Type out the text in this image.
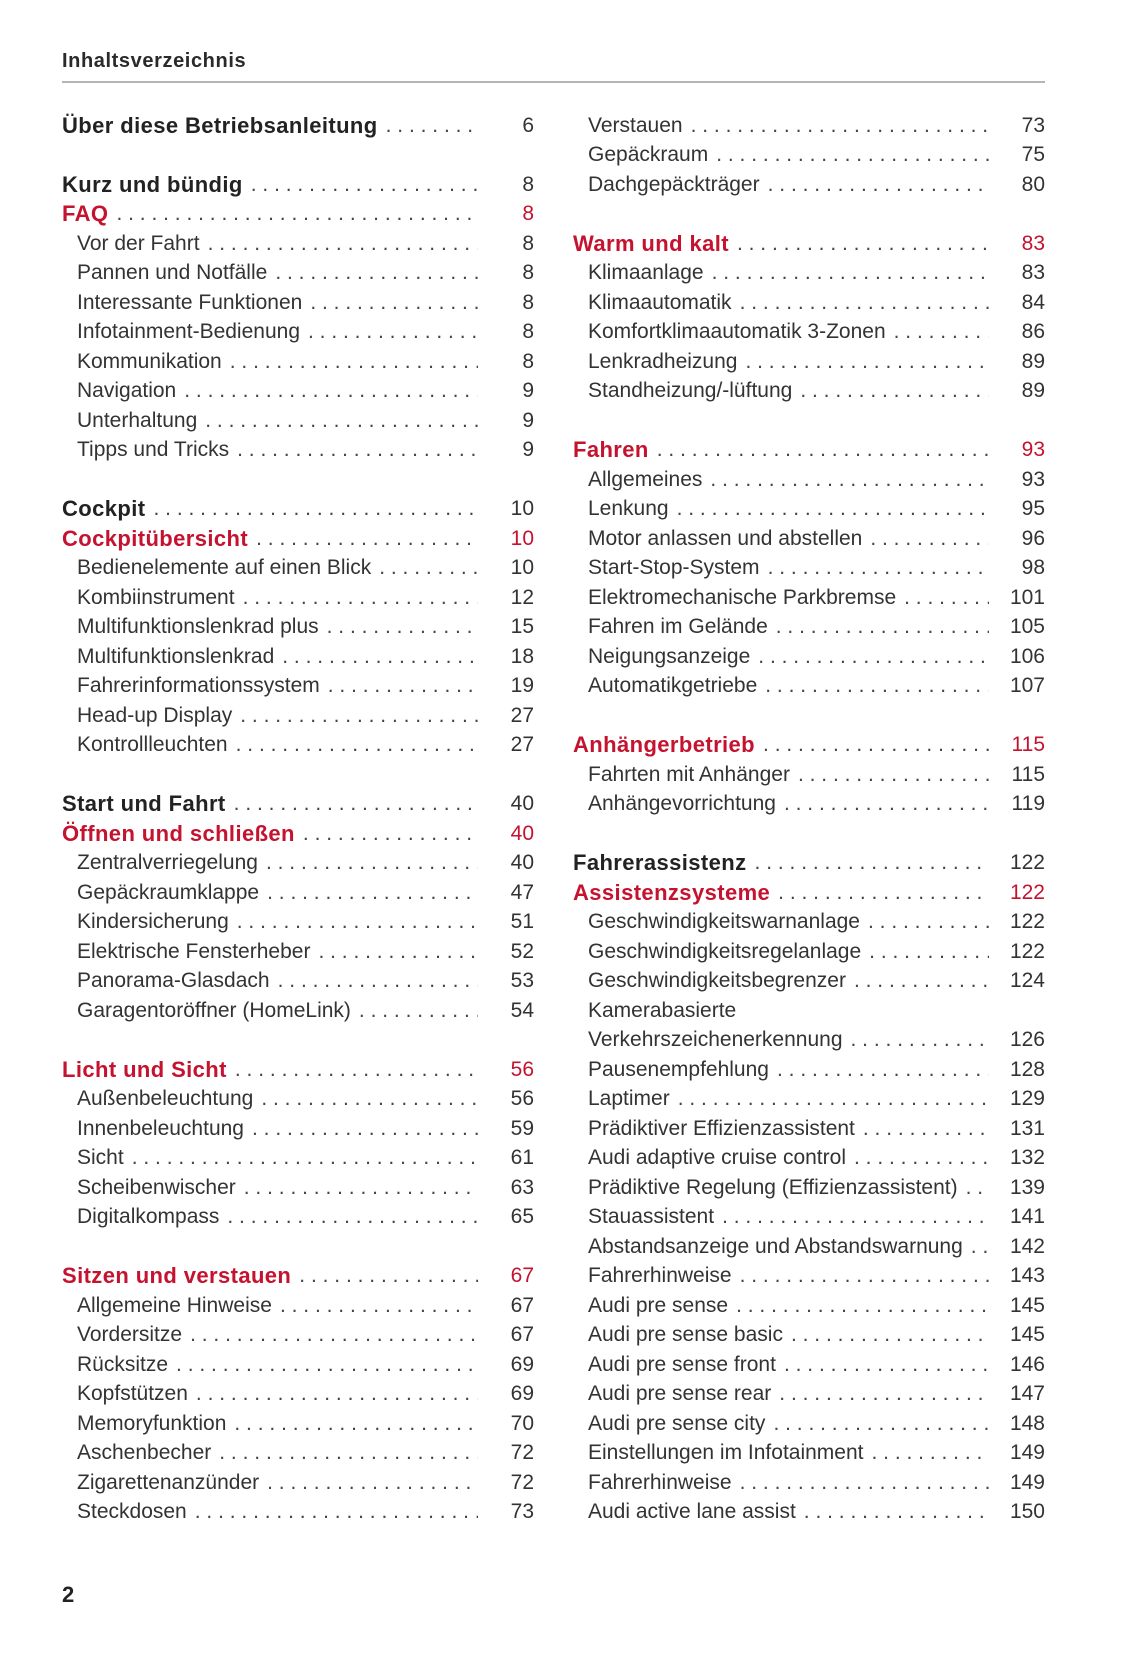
Inhaltsverzeichnis
Über diese Betriebsanleitung . . .	6
Kurz und bündig . . .	8
FAQ . . .	8
Vor der Fahrt . . .	8
Pannen und Notfälle . . .	8
Interessante Funktionen . . .	8
Infotainment-Bedienung . . .	8
Kommunikation . . .	8
Navigation . . .	9
Unterhaltung . . .	9
Tipps und Tricks . . .	9
Cockpit . . .	10
Cockpitübersicht . . .	10
Bedienelemente auf einen Blick . . .	10
Kombiinstrument . . .	12
Multifunktionslenkrad plus . . .	15
Multifunktionslenkrad . . .	18
Fahrerinformationssystem . . .	19
Head-up Display . . .	27
Kontrollleuchten . . .	27
Start und Fahrt . . .	40
Öffnen und schließen . . .	40
Zentralverriegelung . . .	40
Gepäckraumklappe . . .	47
Kindersicherung . . .	51
Elektrische Fensterheber . . .	52
Panorama-Glasdach . . .	53
Garagentoröffner (HomeLink) . . .	54
Licht und Sicht . . .	56
Außenbeleuchtung . . .	56
Innenbeleuchtung . . .	59
Sicht . . .	61
Scheibenwischer . . .	63
Digitalkompass . . .	65
Sitzen und verstauen . . .	67
Allgemeine Hinweise . . .	67
Vordersitze . . .	67
Rücksitze . . .	69
Kopfstützen . . .	69
Memoryfunktion . . .	70
Aschenbecher . . .	72
Zigarettenanzünder . . .	72
Steckdosen . . .	73
Verstauen . . .	73
Gepäckraum . . .	75
Dachgepäckträger . . .	80
Warm und kalt . . .	83
Klimaanlage . . .	83
Klimaautomatik . . .	84
Komfortklimaautomatik 3-Zonen . . .	86
Lenkradheizung . . .	89
Standheizung/-lüftung . . .	89
Fahren . . .	93
Allgemeines . . .	93
Lenkung . . .	95
Motor anlassen und abstellen . . .	96
Start-Stop-System . . .	98
Elektromechanische Parkbremse . . .	101
Fahren im Gelände . . .	105
Neigungsanzeige . . .	106
Automatikgetriebe . . .	107
Anhängerbetrieb . . .	115
Fahrten mit Anhänger . . .	115
Anhängevorrichtung . . .	119
Fahrerassistenz . . .	122
Assistenzsysteme . . .	122
Geschwindigkeitswarnanlage . . .	122
Geschwindigkeitsregelanlage . . .	122
Geschwindigkeitsbegrenzer . . .	124
Kamerabasierte
Verkehrszeichenerkennung . . .	126
Pausenempfehlung . . .	128
Laptimer . . .	129
Prädiktiver Effizienzassistent . . .	131
Audi adaptive cruise control . . .	132
Prädiktive Regelung (Effizienzassistent) . . .	139
Stauassistent . . .	141
Abstandsanzeige und Abstandswarnung . . .	142
Fahrerhinweise . . .	143
Audi pre sense . . .	145
Audi pre sense basic . . .	145
Audi pre sense front . . .	146
Audi pre sense rear . . .	147
Audi pre sense city . . .	148
Einstellungen im Infotainment . . .	149
Fahrerhinweise . . .	149
Audi active lane assist . . .	150
2
